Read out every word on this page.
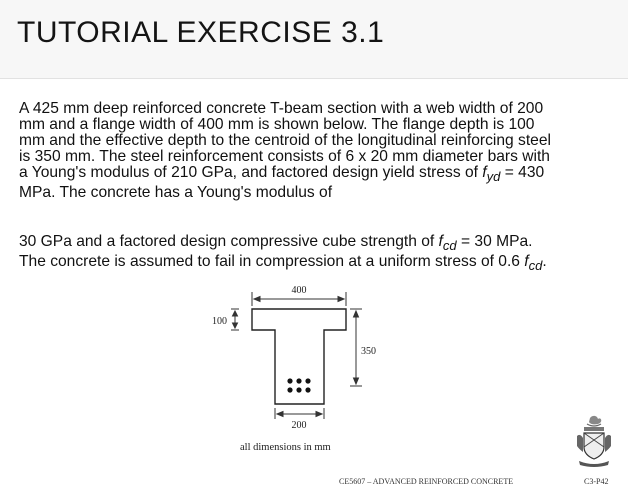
TUTORIAL EXERCISE 3.1

A 425 mm deep reinforced concrete T-beam section with a web width of 200
mm and a flange width of 400 mm is shown below. The flange depth is 100
mm and the effective depth to the centroid of the longitudinal reinforcing steel
is 350 mm. The steel reinforcement consists of 6 x 20 mm diameter bars with
a Young's modulus of 210 GPa, and factored design yield stress of $f_{yd} = 430$
MPa. The concrete has a Young's modulus of

30 GPa and a factored design compressive cube strength of $f_{cd} = 30$ MPa.
The concrete is assumed to fail in compression at a uniform stress of 0.6 $f_{cd}$.

400
100
350
200
all dimensions in mm
CE5607 – ADVANCED REINFORCED CONCRETE	C3-P42
